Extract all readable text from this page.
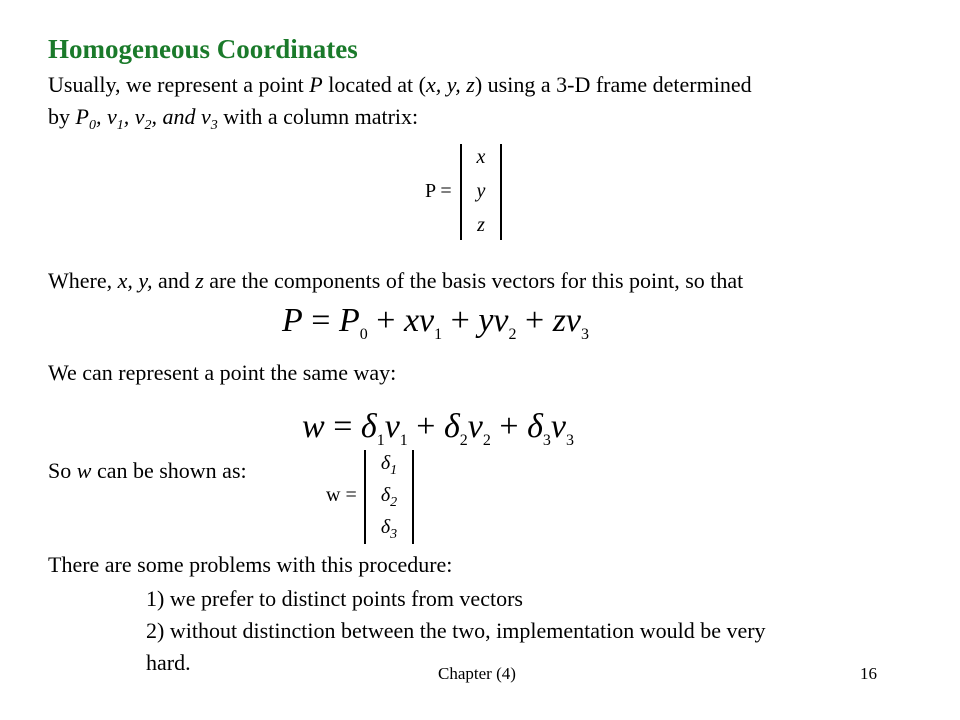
Homogeneous Coordinates
Usually, we represent a point P located at (x, y, z) using a 3-D frame determined
by $P_0$, $v_1$, $v_2$, and $v_3$ with a column matrix:
P =
x
y
z
Where, x, y, and z are the components of the basis vectors for this point, so that
$P = P_0 + xv_1 + yv_2 + zv_3$
We can represent a point the same way:
$w = \delta_1v_1 + \delta_2v_2 + \delta_3v_3$
So w can be shown as:
w =
$\delta_1$
$\delta_2$
$\delta_3$
There are some problems with this procedure:
1) we prefer to distinct points from vectors
2) without distinction between the two, implementation would be very
hard.	Chapter (4)	16
